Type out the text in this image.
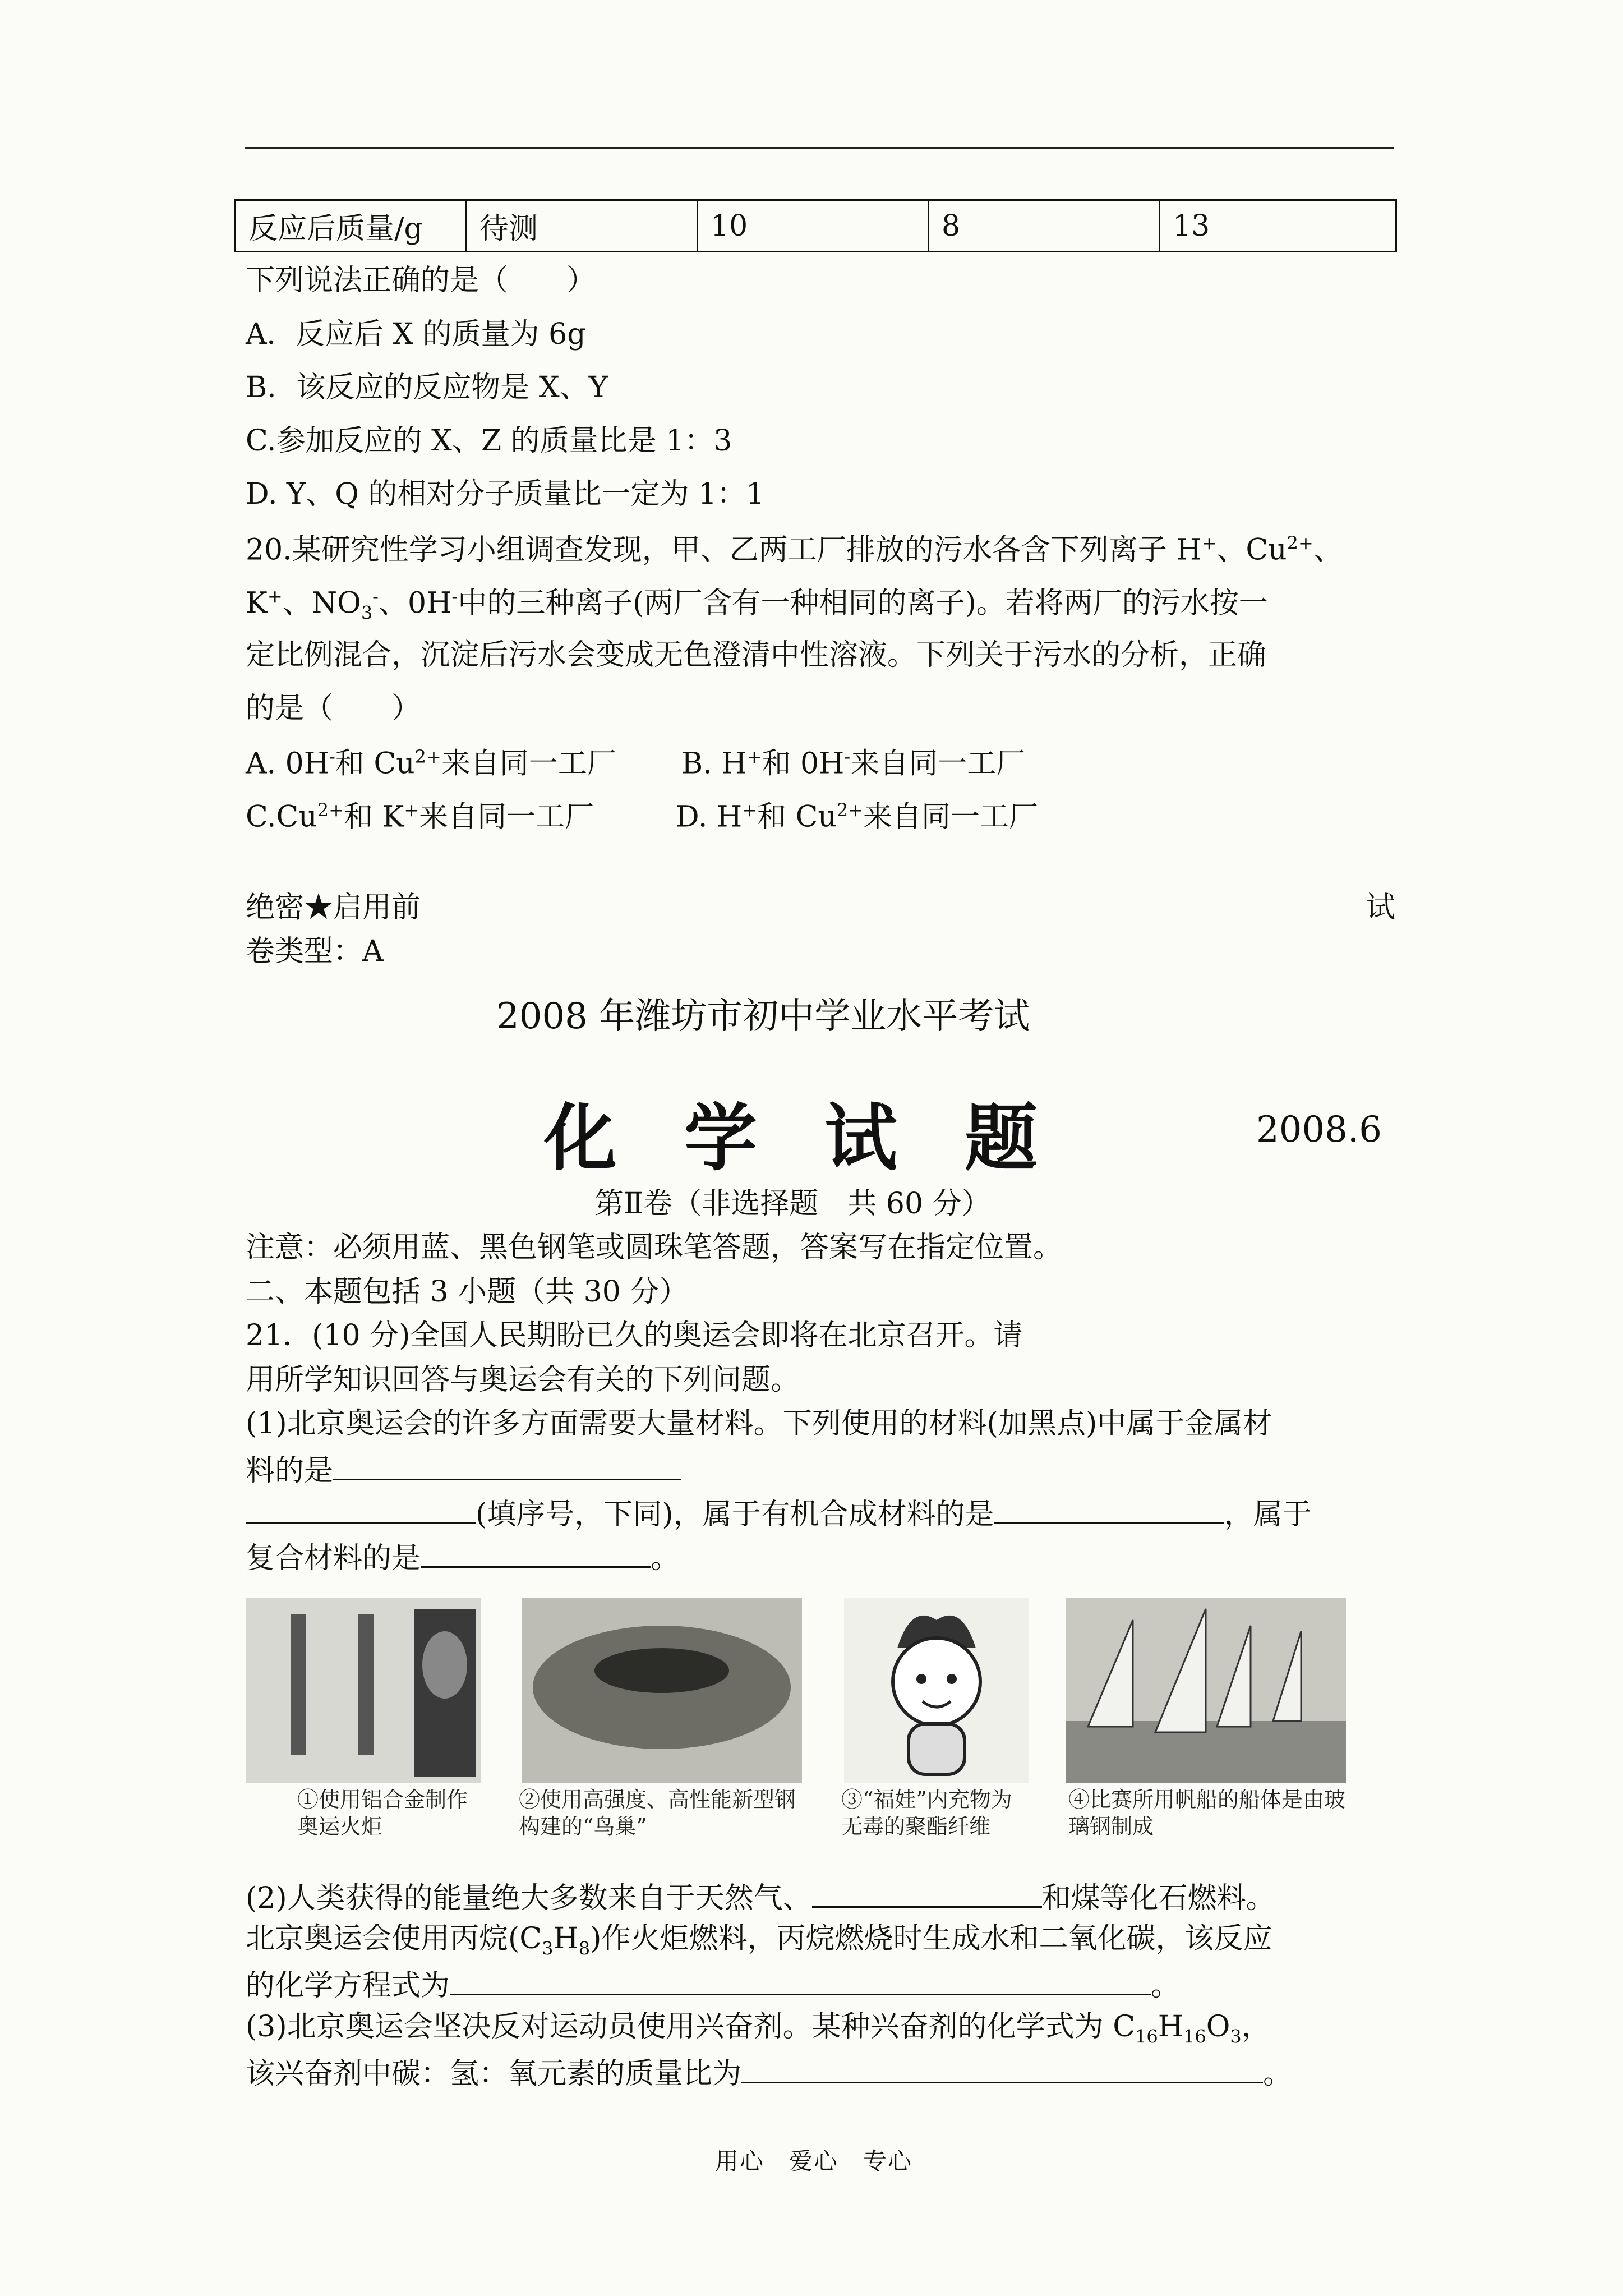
反应后质量/g	待测	10	8	13
下列说法正确的是（　　）
A．反应后 X 的质量为 6g
B．该反应的反应物是 X、Y
C.参加反应的 X、Z 的质量比是 1：3
D. Y、Q 的相对分子质量比一定为 1：1
20.某研究性学习小组调查发现，甲、乙两工厂排放的污水各含下列离子 H+、$Cu^{2+}$、
K+、$NO_3^-$、0H-中的三种离子(两厂含有一种相同的离子)。若将两厂的污水按一
定比例混合，沉淀后污水会变成无色澄清中性溶液。下列关于污水的分析，正确
的是（　　）
A. 0H-和 $Cu^{2+}$来自同一工厂 B. H+和 0H-来自同一工厂
$C.Cu^{2+}$和 K+来自同一工厂	D. H+和 $Cu^{2+}$来自同一工厂
绝密★启用前	试
卷类型：A
2008 年潍坊市初中学业水平考试
化学试题	2008.6
第Ⅱ卷（非选择题　共 60 分）
注意：必须用蓝、黑色钢笔或圆珠笔答题，答案写在指定位置。
二、本题包括 3 小题（共 30 分）
21．(10 分)全国人民期盼已久的奥运会即将在北京召开。请
用所学知识回答与奥运会有关的下列问题。
(1)北京奥运会的许多方面需要大量材料。下列使用的材料(加黑点)中属于金属材
料的是
(填序号，下同)，属于有机合成材料的是	，属于
复合材料的是	。
①使用铝合金制作奥运火炬
②使用高强度、高性能新型钢构建的“鸟巢”
③“福娃”内充物为无毒的聚酯纤维
④比赛所用帆船的船体是由玻璃钢制成
(2)人类获得的能量绝大多数来自于天然气、	和煤等化石燃料。
北京奥运会使用丙烷$(C_3H_8)$作火炬燃料，丙烷燃烧时生成水和二氧化碳，该反应
的化学方程式为	。
(3)北京奥运会坚决反对运动员使用兴奋剂。某种兴奋剂的化学式为 $C_{16}H_{16}O_3$，
该兴奋剂中碳：氢：氧元素的质量比为	。
用心　爱心　专心
